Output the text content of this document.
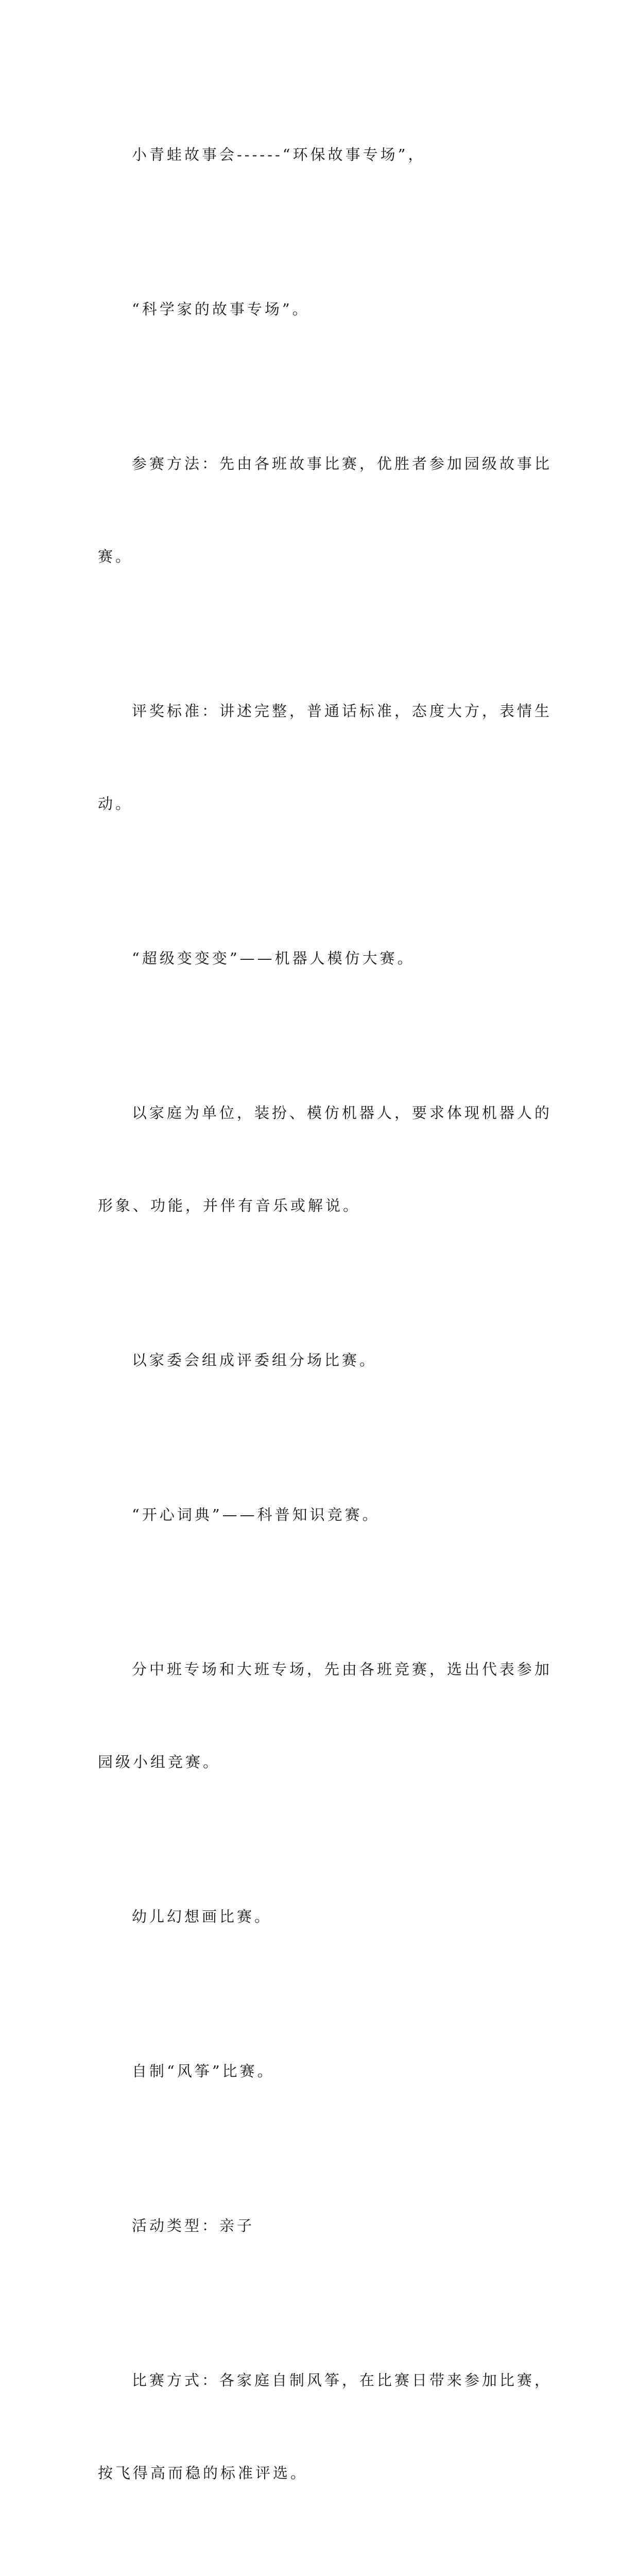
小青蛙故事会------“环保故事专场”，

“科学家的故事专场”。

参赛方法：先由各班故事比赛，优胜者参加园级故事比

赛。

评奖标准：讲述完整，普通话标准，态度大方，表情生

动。

“超级变变变”——机器人模仿大赛。

以家庭为单位，装扮、模仿机器人，要求体现机器人的

形象、功能，并伴有音乐或解说。

以家委会组成评委组分场比赛。

“开心词典”——科普知识竞赛。

分中班专场和大班专场，先由各班竞赛，选出代表参加

园级小组竞赛。

幼儿幻想画比赛。

自制“风筝”比赛。

活动类型：亲子

比赛方式：各家庭自制风筝，在比赛日带来参加比赛，

按飞得高而稳的标准评选。
